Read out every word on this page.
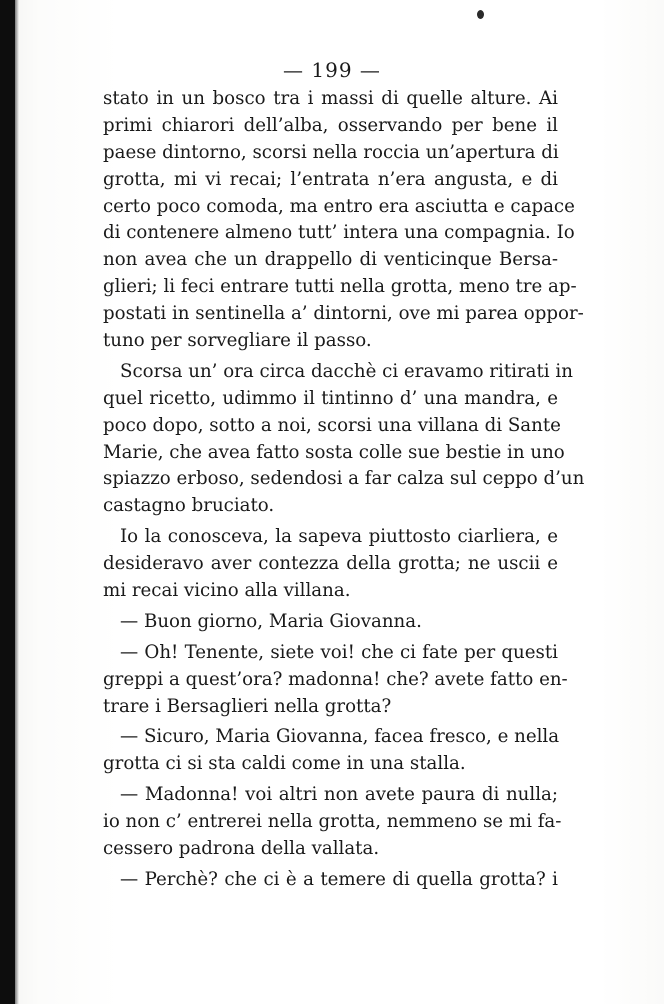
— 199 —
stato in un bosco tra i massi di quelle alture. Ai
primi chiarori dell’alba, osservando per bene il
paese dintorno, scorsi nella roccia un’apertura di
grotta, mi vi recai; l’entrata n’era angusta, e di
certo poco comoda, ma entro era asciutta e capace
di contenere almeno tutt’ intera una compagnia. Io
non avea che un drappello di venticinque Bersa-
glieri; li feci entrare tutti nella grotta, meno tre ap-
postati in sentinella a’ dintorni, ove mi parea oppor-
tuno per sorvegliare il passo.
Scorsa un’ ora circa dacchè ci eravamo ritirati in
quel ricetto, udimmo il tintinno d’ una mandra, e
poco dopo, sotto a noi, scorsi una villana di Sante
Marie, che avea fatto sosta colle sue bestie in uno
spiazzo erboso, sedendosi a far calza sul ceppo d’un
castagno bruciato.
Io la conosceva, la sapeva piuttosto ciarliera, e
desideravo aver contezza della grotta; ne uscii e
mi recai vicino alla villana.
— Buon giorno, Maria Giovanna.
— Oh! Tenente, siete voi! che ci fate per questi
greppi a quest’ora? madonna! che? avete fatto en-
trare i Bersaglieri nella grotta?
— Sicuro, Maria Giovanna, facea fresco, e nella
grotta ci si sta caldi come in una stalla.
— Madonna! voi altri non avete paura di nulla;
io non c’ entrerei nella grotta, nemmeno se mi fa-
cessero padrona della vallata.
— Perchè? che ci è a temere di quella grotta? i
